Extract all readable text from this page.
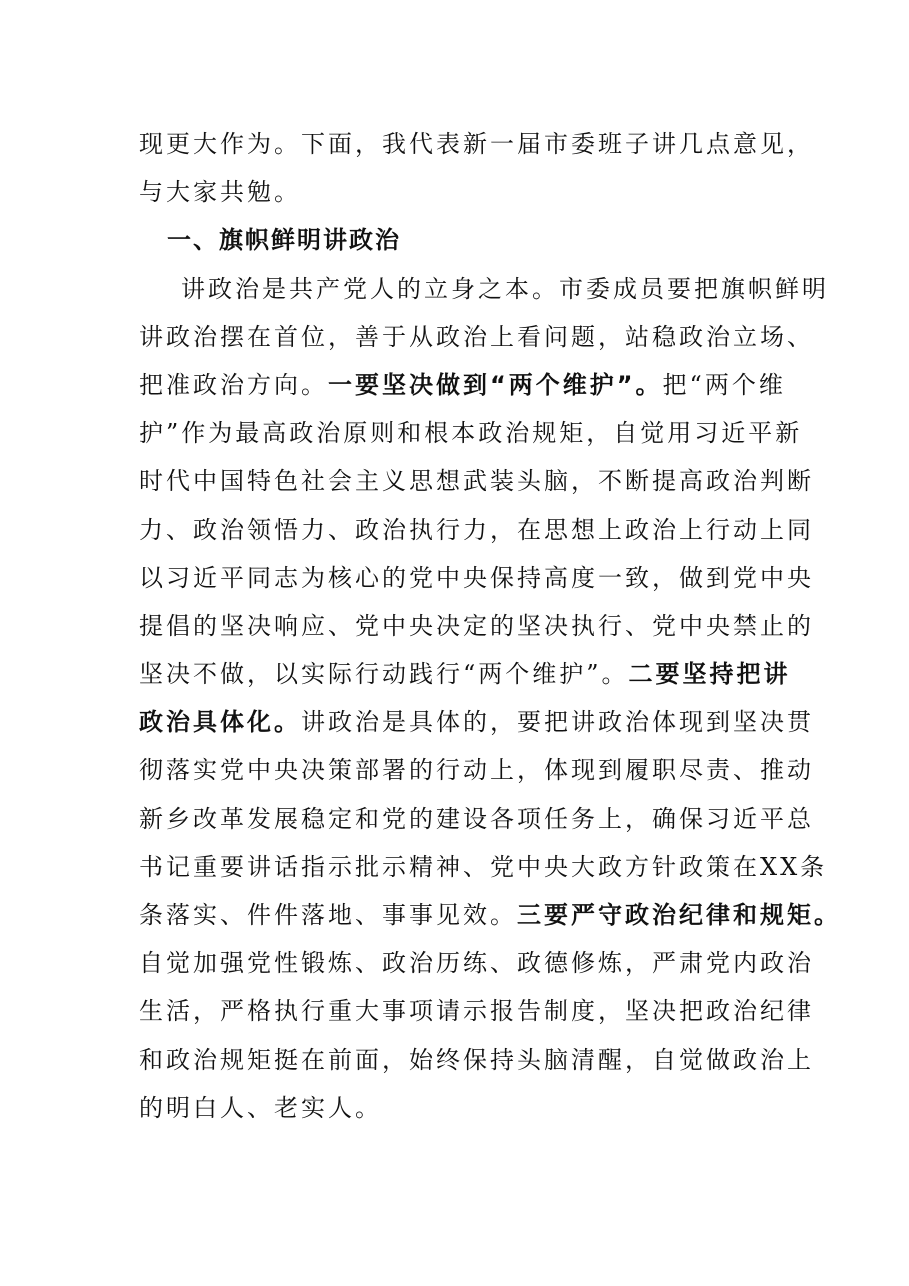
现更大作为。下面，我代表新一届市委班子讲几点意见，
与大家共勉。
一、旗帜鲜明讲政治
讲政治是共产党人的立身之本。市委成员要把旗帜鲜明
讲政治摆在首位，善于从政治上看问题，站稳政治立场、
把准政治方向。一要坚决做到“两个维护”。把“两个维
护”作为最高政治原则和根本政治规矩，自觉用习近平新
时代中国特色社会主义思想武装头脑，不断提高政治判断
力、政治领悟力、政治执行力，在思想上政治上行动上同
以习近平同志为核心的党中央保持高度一致，做到党中央
提倡的坚决响应、党中央决定的坚决执行、党中央禁止的
坚决不做，以实际行动践行“两个维护”。二要坚持把讲
政治具体化。讲政治是具体的，要把讲政治体现到坚决贯
彻落实党中央决策部署的行动上，体现到履职尽责、推动
新乡改革发展稳定和党的建设各项任务上，确保习近平总
书记重要讲话指示批示精神、党中央大政方针政策在XX条
条落实、件件落地、事事见效。三要严守政治纪律和规矩。
自觉加强党性锻炼、政治历练、政德修炼，严肃党内政治
生活，严格执行重大事项请示报告制度，坚决把政治纪律
和政治规矩挺在前面，始终保持头脑清醒，自觉做政治上
的明白人、老实人。
